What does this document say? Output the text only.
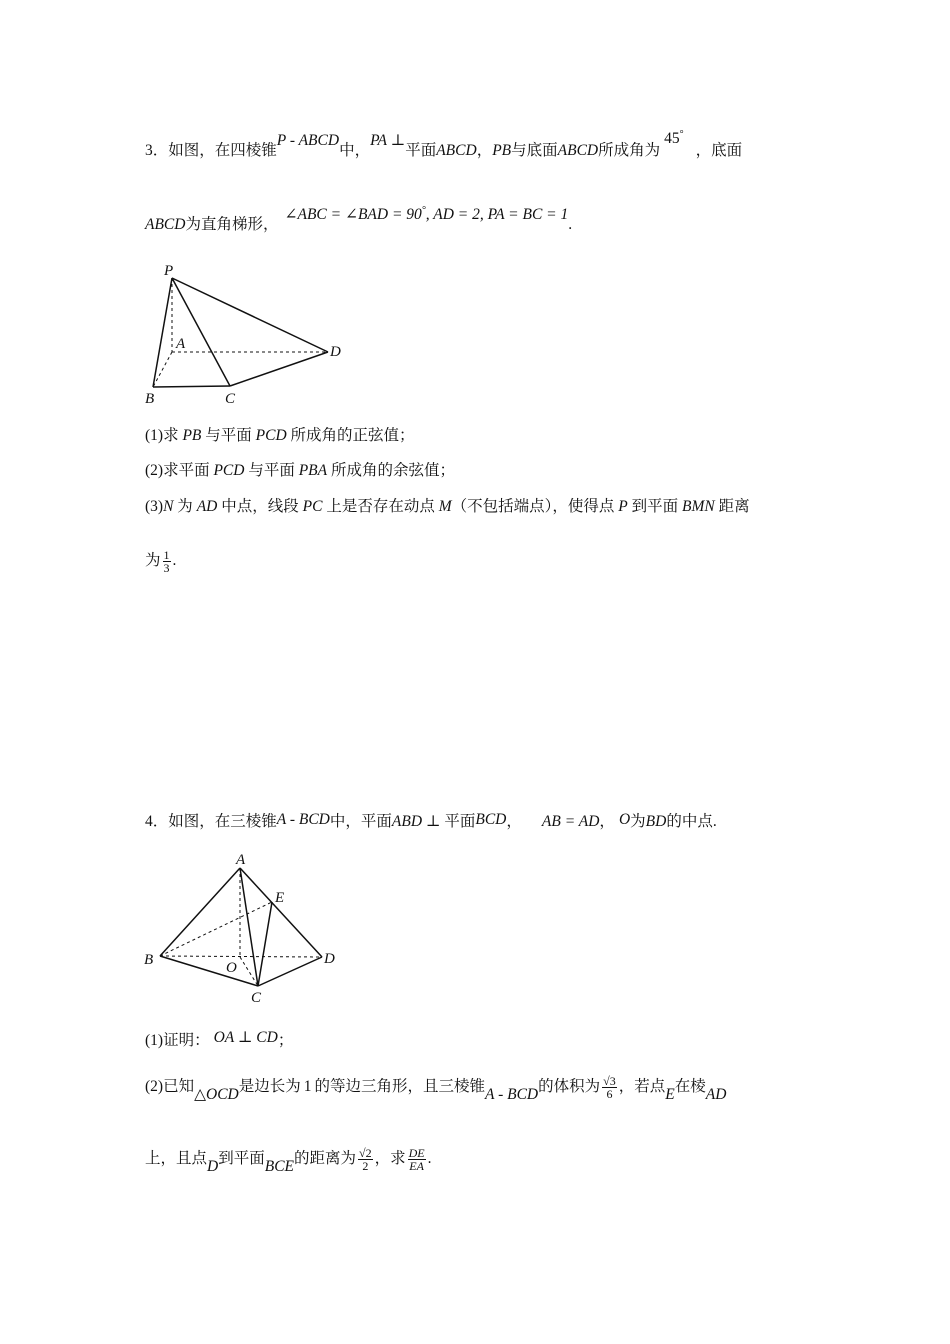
3．如图，在四棱锥P - ABCD中，PA ⊥平面ABCD，PB与底面ABCD所成角为45°，底面
ABCD为直角梯形，∠ABC = ∠BAD = 90°, AD = 2, PA = BC = 1.
P
A
B	C
D
(1)求 PB 与平面 PCD 所成角的正弦值；
(2)求平面 PCD 与平面 PBA 所成角的余弦值；
(3)N 为 AD 中点，线段 PC 上是否存在动点 M（不包括端点），使得点 P 到平面 BMN 距离
为 $\frac{1}{3}$ .
4．如图，在三棱锥A - BCD中，平面ABD ⊥ 平面BCD， AB = AD， O为BD的中点.
A
E
B	O
D
C
(1)证明： OA ⊥ CD；
(2)已知△OCD是边长为 1 的等边三角形，且三棱锥A - BCD的体积为 $\frac{√3}{6}$ ，若点E在棱AD
上，且点D到平面BCE的距离为 $\frac{√2}{2}$ ，求 $\frac{DE}{EA}$ .
